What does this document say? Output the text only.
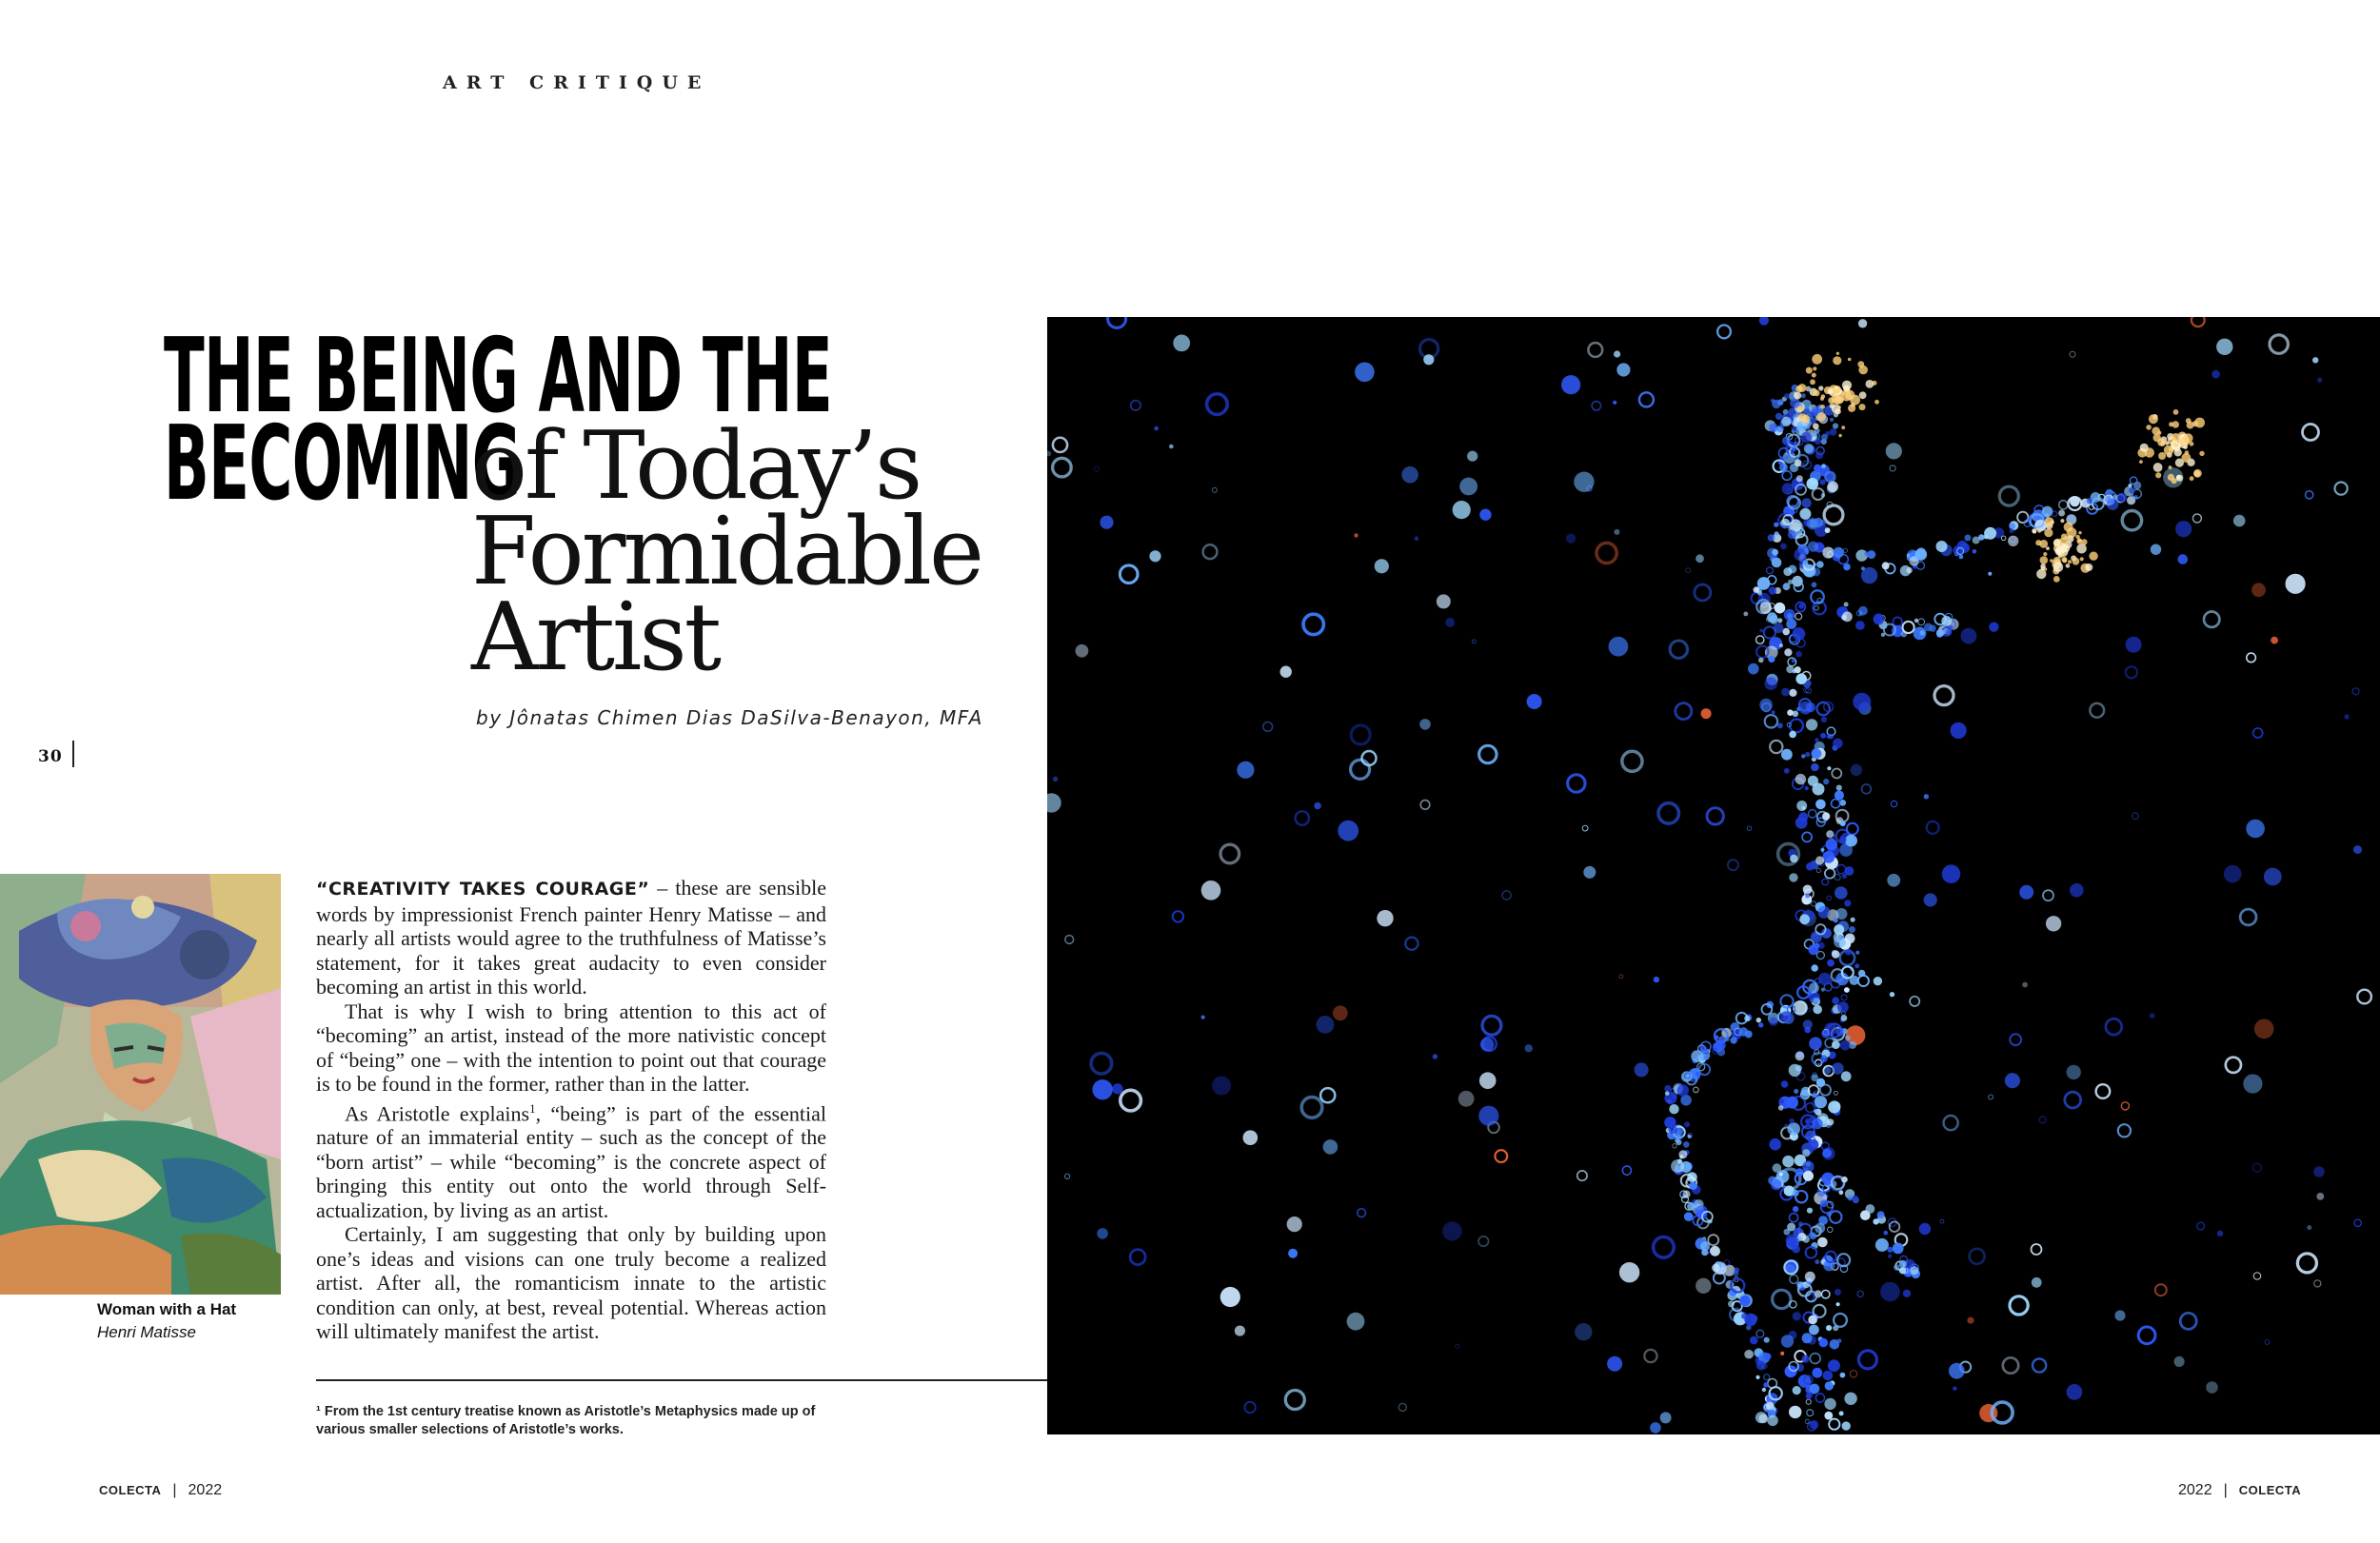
ART CRITIQUE
THE BEING AND THE
BECOMING
of Today’s
Formidable
Artist
by Jônatas Chimen Dias DaSilva-Benayon, MFA
30
Woman with a Hat
Henri Matisse

“CREATIVITY TAKES COURAGE” – these are sensible words by impressionist French painter Henry Matisse – and nearly all artists would agree to the truthfulness of Matisse’s statement, for it takes great audacity to even consider becoming an artist in this world.

That is why I wish to bring attention to this act of “becoming” an artist, instead of the more nativistic concept of “being” one – with the intention to point out that courage is to be found in the former, rather than in the latter.

As Aristotle explains$^1$, “being” is part of the essential nature of an immaterial entity – such as the concept of the “born artist” – while “becoming” is the concrete aspect of bringing this entity out onto the world through Self-actualization, by living as an artist.

Certainly, I am suggesting that only by building upon one’s ideas and visions can one truly become a realized artist. After all, the romanticism innate to the artistic condition can only, at best, reveal potential. Whereas action will ultimately manifest the artist.

¹ From the 1st century treatise known as Aristotle’s Metaphysics made up of various smaller selections of Aristotle’s works.
COLECTA | 2022	2022 | COLECTA
